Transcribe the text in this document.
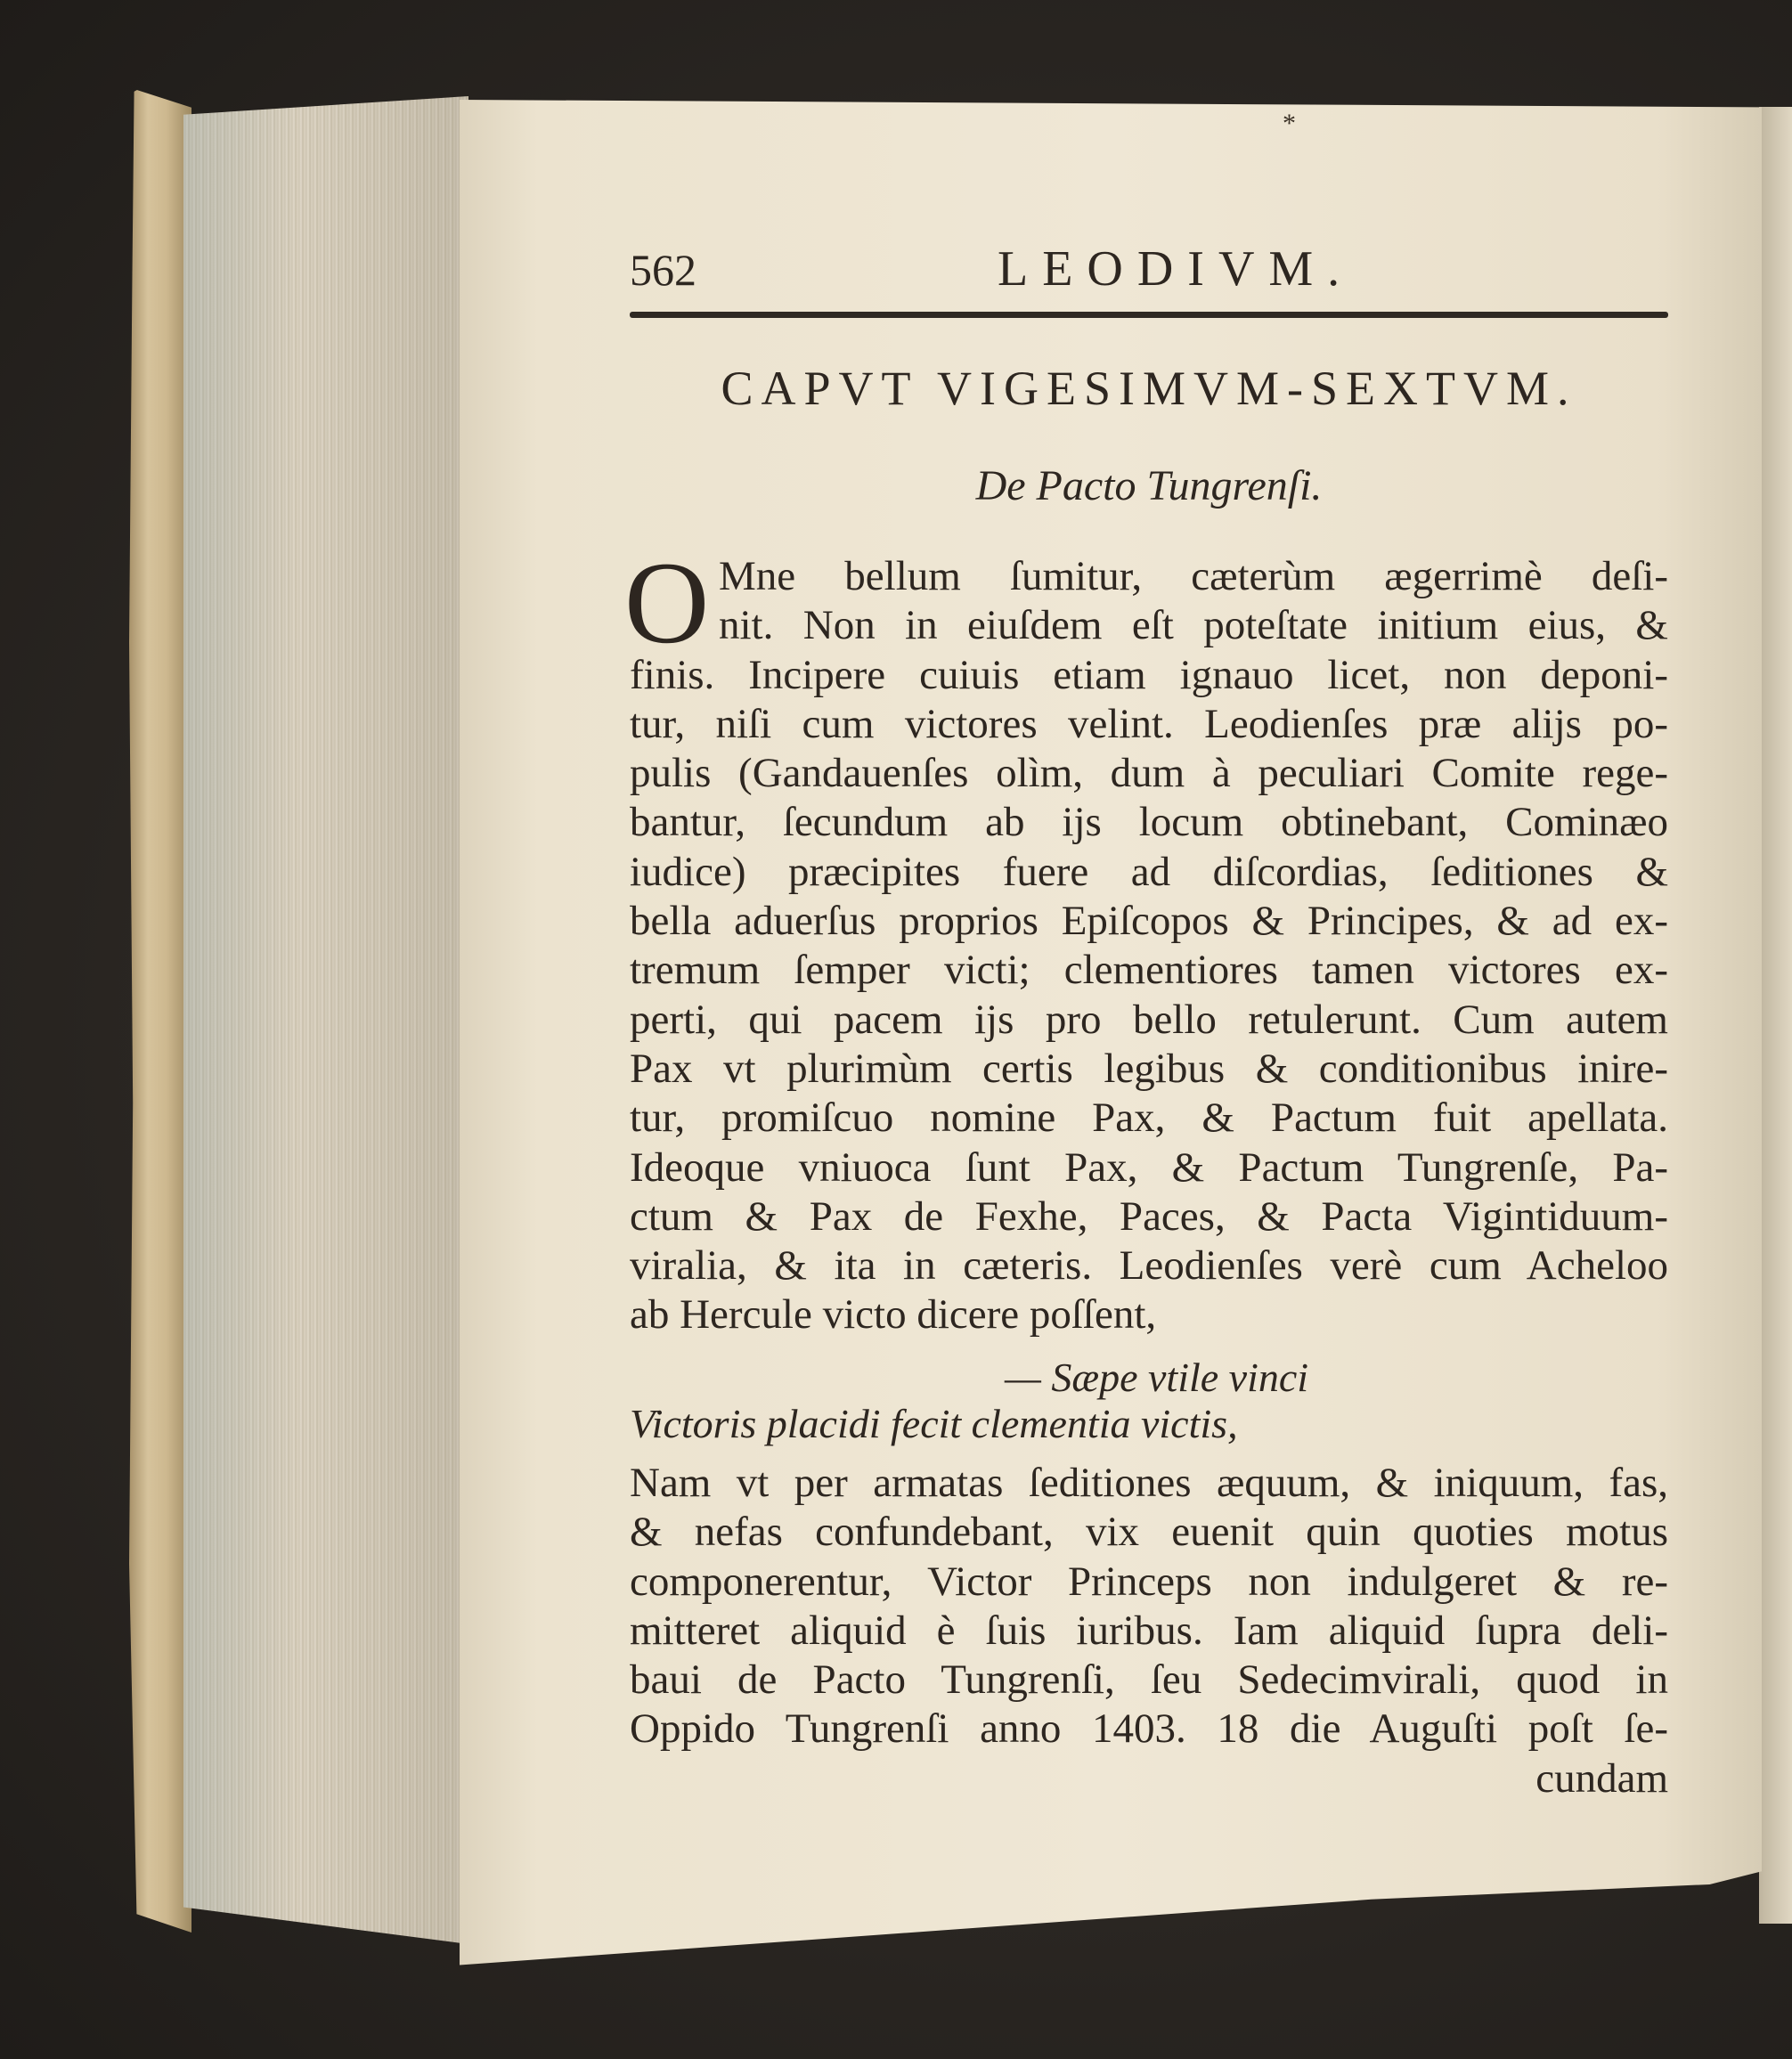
*
562	LEODIVM.
CAPVT VIGESIMVM-SEXTVM.
De Pacto Tungrenſi.
O Mne bellum ſumitur, cæterùm ægerrimè deſi-
nit. Non in eiuſdem eſt poteſtate initium eius, &
finis. Incipere cuiuis etiam ignauo licet, non deponi-
tur, niſi cum victores velint. Leodienſes præ alijs po-
pulis (Gandauenſes olìm, dum à peculiari Comite rege-
bantur, ſecundum ab ijs locum obtinebant, Cominæo
iudice) præcipites fuere ad diſcordias, ſeditiones &
bella aduerſus proprios Epiſcopos & Principes, & ad ex-
tremum ſemper victi; clementiores tamen victores ex-
perti, qui pacem ijs pro bello retulerunt. Cum autem
Pax vt plurimùm certis legibus & conditionibus inire-
tur, promiſcuo nomine Pax, & Pactum fuit apellata.
Ideoque vniuoca ſunt Pax, & Pactum Tungrenſe, Pa-
ctum & Pax de Fexhe, Paces, & Pacta Vigintiduum-
viralia, & ita in cæteris. Leodienſes verè cum Acheloo
ab Hercule victo dicere poſſent,
— Sæpe vtile vinci
Victoris placidi fecit clementia victis,
Nam vt per armatas ſeditiones æquum, & iniquum, fas,
& nefas confundebant, vix euenit quin quoties motus
componerentur, Victor Princeps non indulgeret & re-
mitteret aliquid è ſuis iuribus. Iam aliquid ſupra deli-
baui de Pacto Tungrenſi, ſeu Sedecimvirali, quod in
Oppido Tungrenſi anno 1403. 18 die Auguſti poſt ſe-
cundam
